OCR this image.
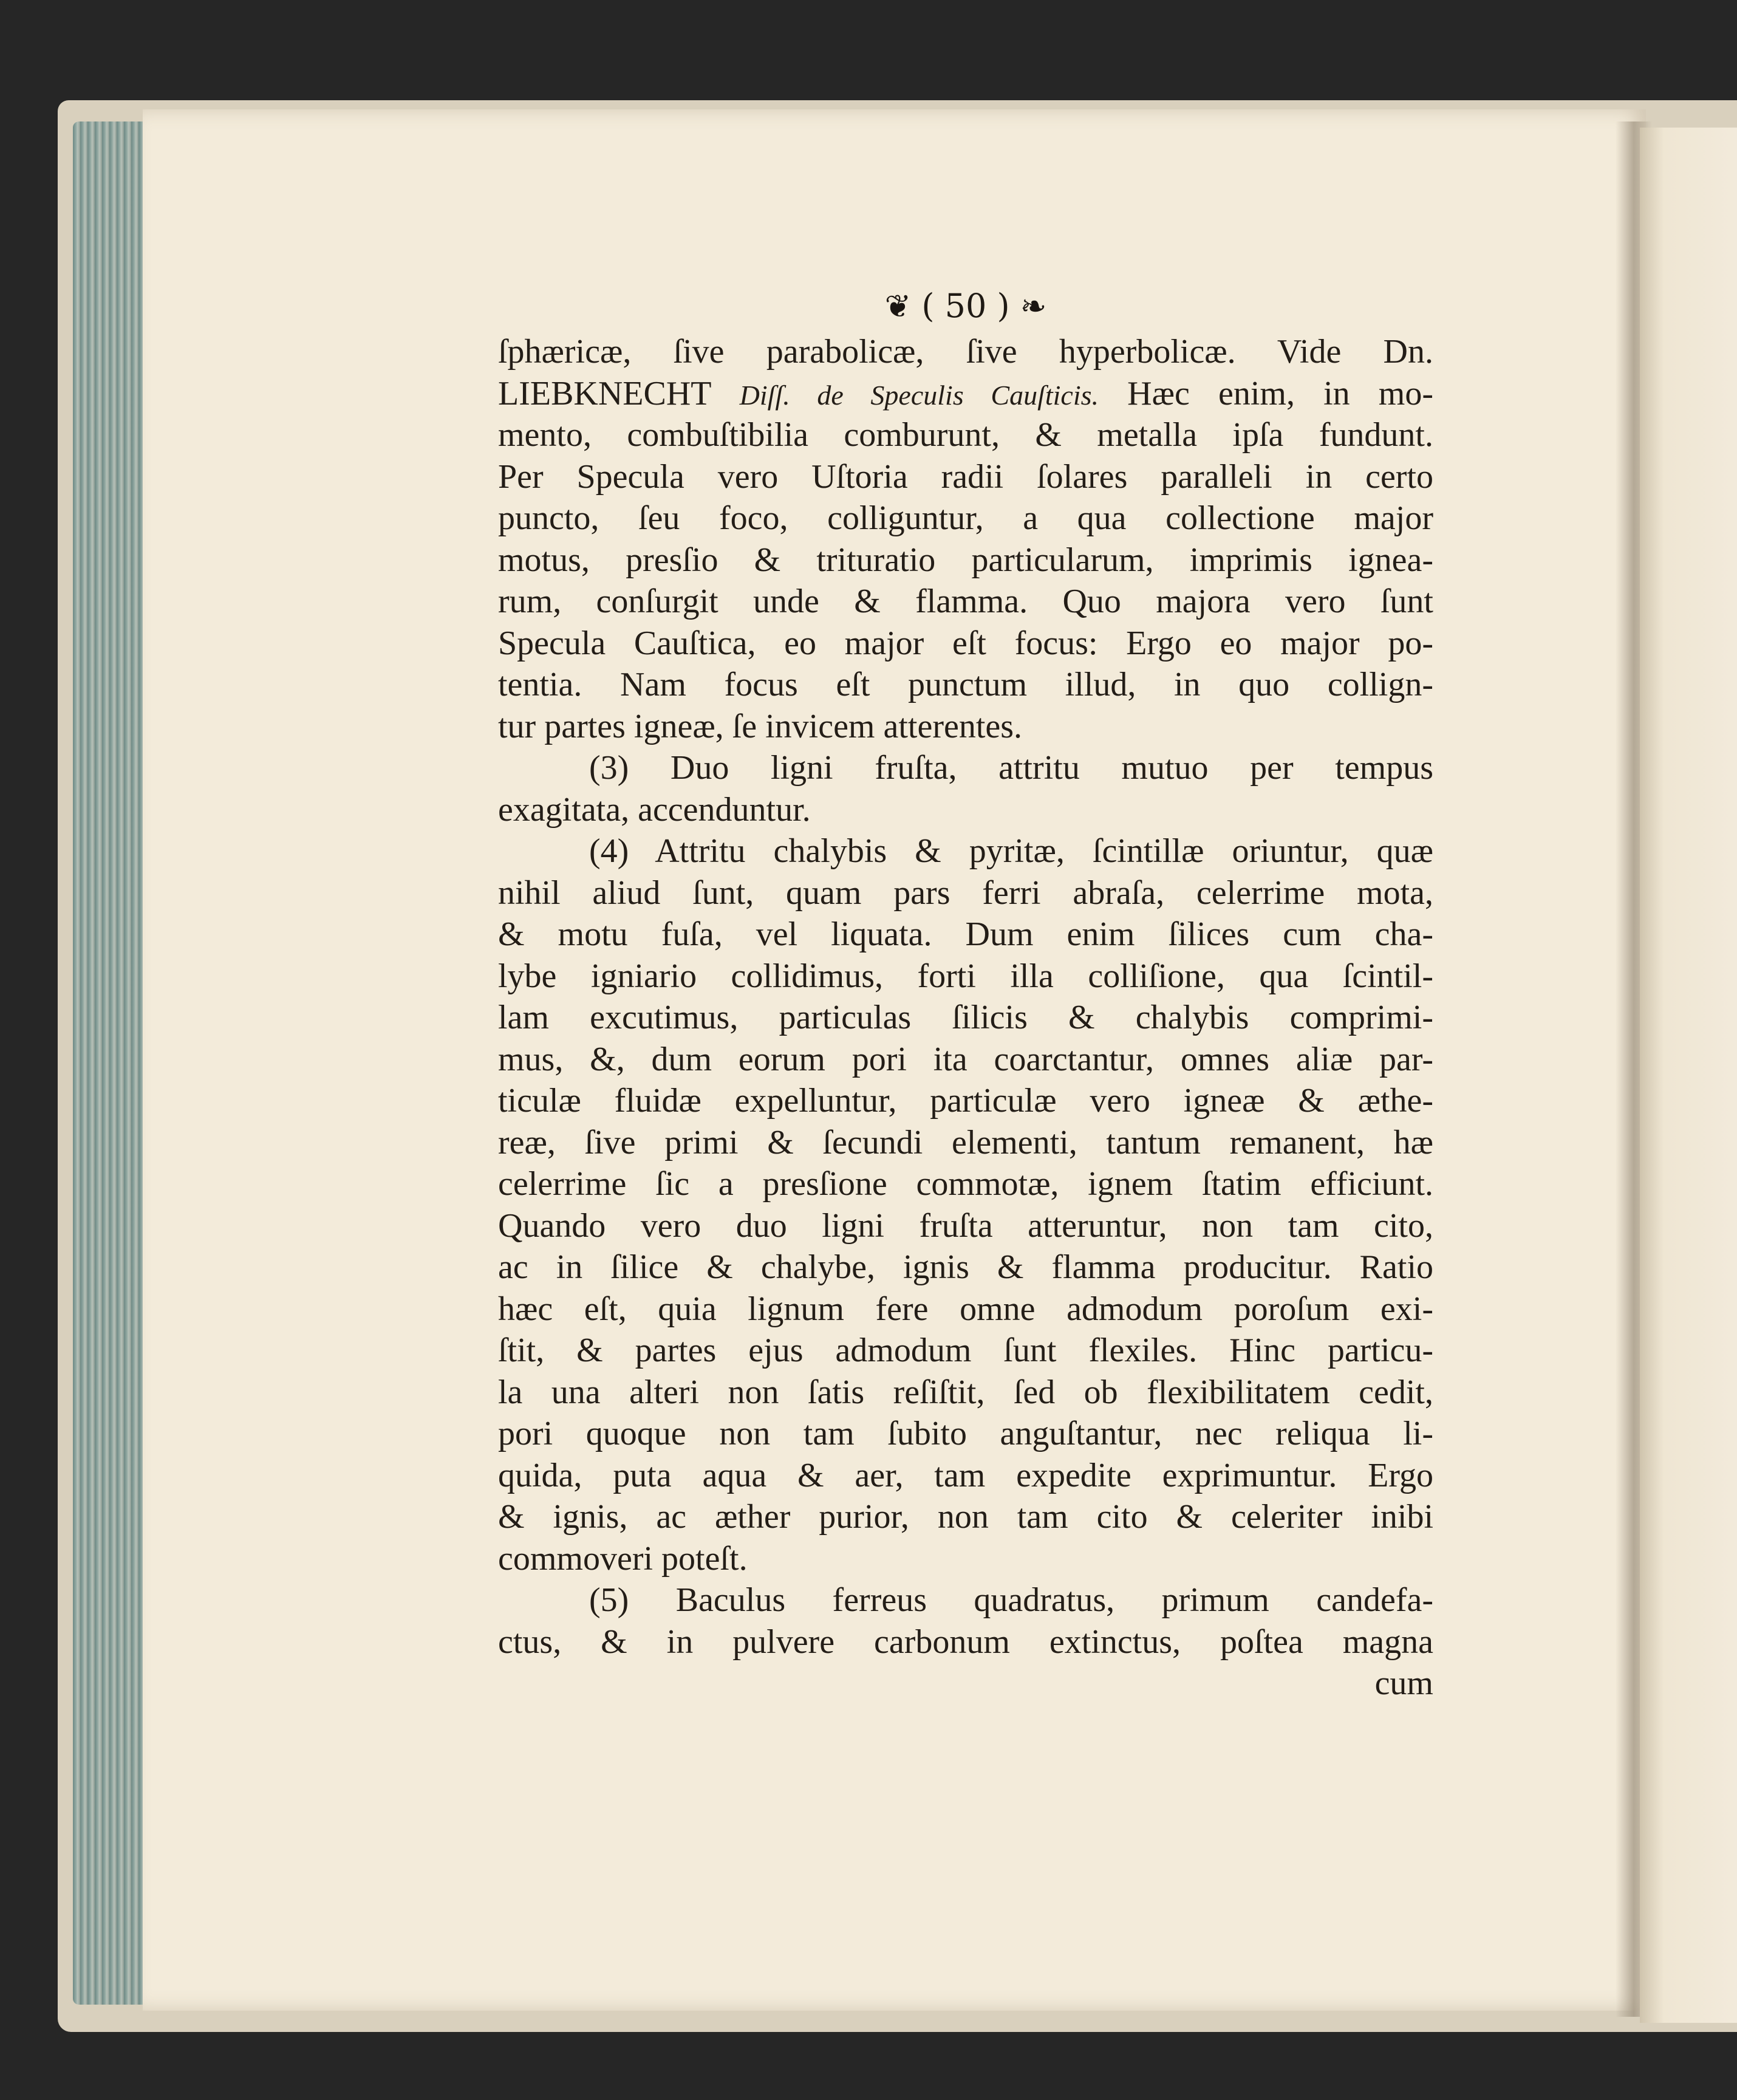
❦ ( 50 ) ❧
ſphæricæ, ſive parabolicæ, ſive hyperbolicæ. Vide Dn.
LIEBKNECHT Diſſ. de Speculis Cauſticis. Hæc enim, in mo-
mento, combuſtibilia comburunt, & metalla ipſa fundunt.
Per Specula vero Uſtoria radii ſolares paralleli in certo
puncto, ſeu foco, colliguntur, a qua collectione major
motus, presſio & trituratio particularum, imprimis ignea-
rum, conſurgit unde & flamma. Quo majora vero ſunt
Specula Cauſtica, eo major eſt focus: Ergo eo major po-
tentia. Nam focus eſt punctum illud, in quo collign-
tur partes igneæ, ſe invicem atterentes.
(3) Duo ligni fruſta, attritu mutuo per tempus
exagitata, accenduntur.
(4) Attritu chalybis & pyritæ, ſcintillæ oriuntur, quæ
nihil aliud ſunt, quam pars ferri abraſa, celerrime mota,
& motu fuſa, vel liquata. Dum enim ſilices cum cha-
lybe igniario collidimus, forti illa colliſione, qua ſcintil-
lam excutimus, particulas ſilicis & chalybis comprimi-
mus, &, dum eorum pori ita coarctantur, omnes aliæ par-
ticulæ fluidæ expelluntur, particulæ vero igneæ & æthe-
reæ, ſive primi & ſecundi elementi, tantum remanent, hæ
celerrime ſic a presſione commotæ, ignem ſtatim efficiunt.
Quando vero duo ligni fruſta atteruntur, non tam cito,
ac in ſilice & chalybe, ignis & flamma producitur. Ratio
hæc eſt, quia lignum fere omne admodum poroſum exi-
ſtit, & partes ejus admodum ſunt flexiles. Hinc particu-
la una alteri non ſatis reſiſtit, ſed ob flexibilitatem cedit,
pori quoque non tam ſubito anguſtantur, nec reliqua li-
quida, puta aqua & aer, tam expedite exprimuntur. Ergo
& ignis, ac æther purior, non tam cito & celeriter inibi
commoveri poteſt.
(5) Baculus ferreus quadratus, primum candefa-
ctus, & in pulvere carbonum extinctus, poſtea magna
cum
